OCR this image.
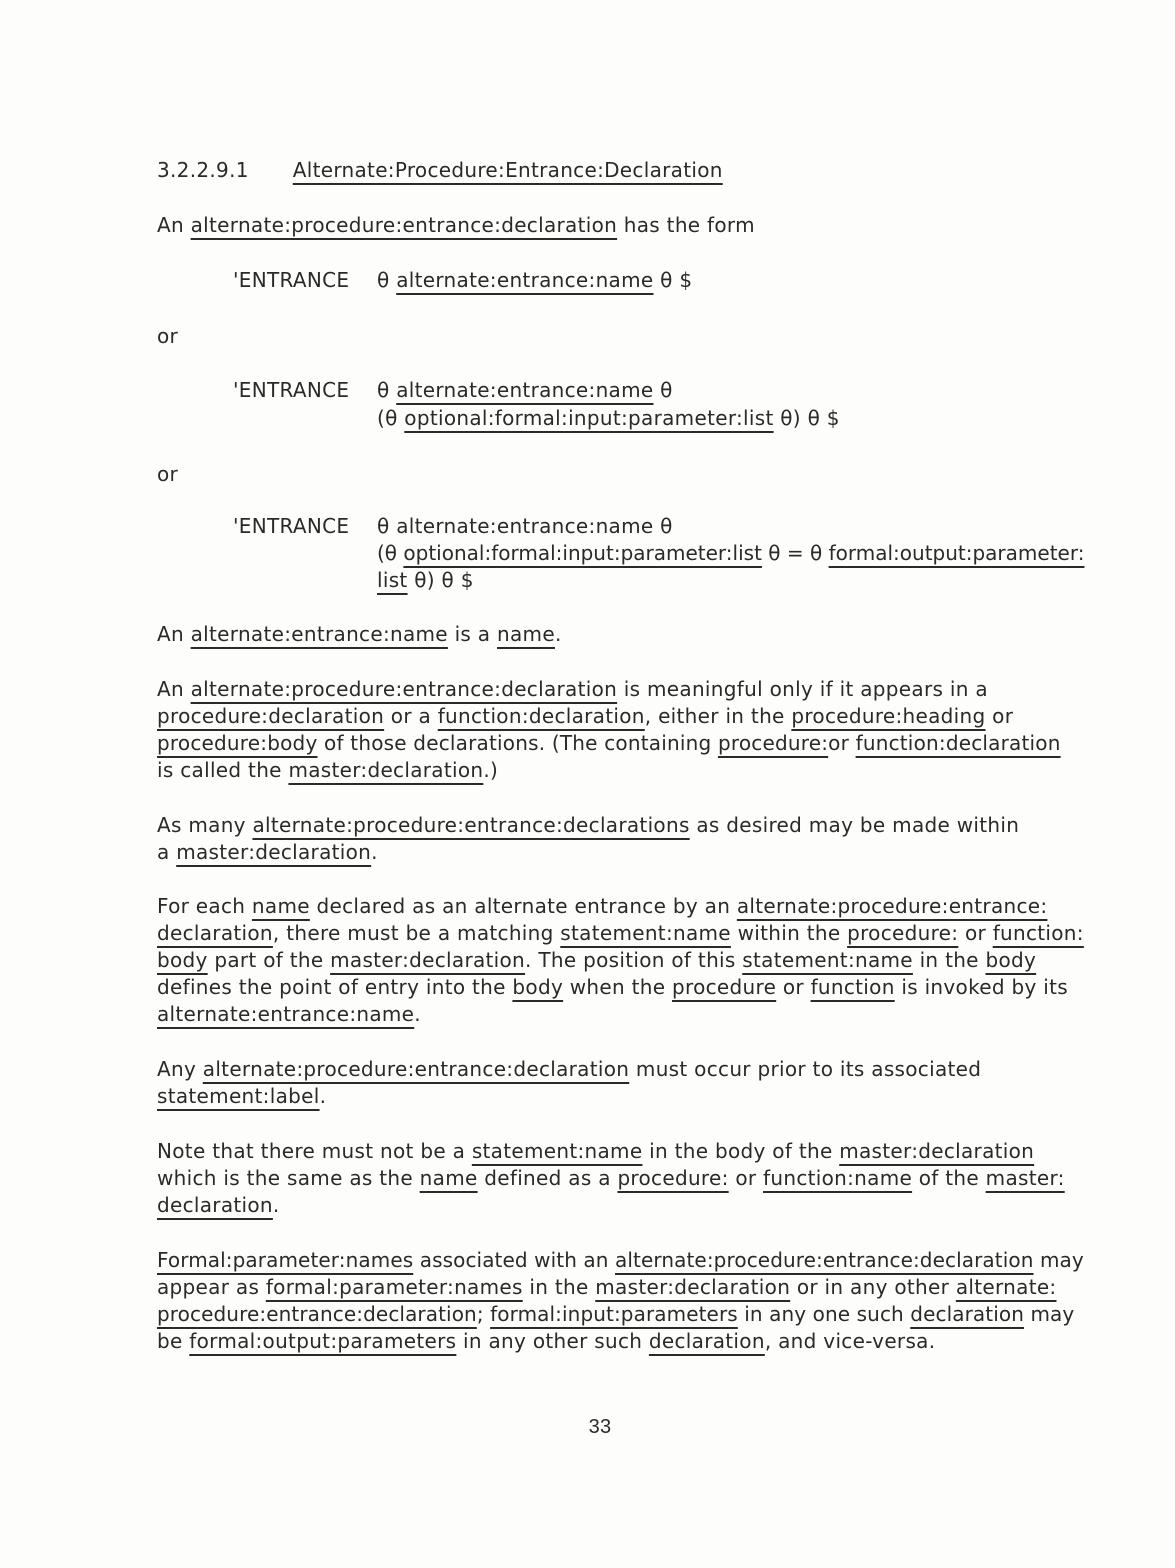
3.2.2.9.1 Alternate:Procedure:Entrance:Declaration
An alternate:procedure:entrance:declaration has the form
'ENTRANCE θ alternate:entrance:name θ $
or
'ENTRANCE θ alternate:entrance:name θ
(θ optional:formal:input:parameter:list θ) θ $
or
'ENTRANCE θ alternate:entrance:name θ
(θ optional:formal:input:parameter:list θ = θ formal:output:parameter:
list θ) θ $
An alternate:entrance:name is a name.
An alternate:procedure:entrance:declaration is meaningful only if it appears in a
procedure:declaration or a function:declaration, either in the procedure:heading or
procedure:body of those declarations. (The containing procedure:or function:declaration
is called the master:declaration.)
As many alternate:procedure:entrance:declarations as desired may be made within
a master:declaration.
For each name declared as an alternate entrance by an alternate:procedure:entrance:
declaration, there must be a matching statement:name within the procedure: or function:
body part of the master:declaration. The position of this statement:name in the body
defines the point of entry into the body when the procedure or function is invoked by its
alternate:entrance:name.
Any alternate:procedure:entrance:declaration must occur prior to its associated
statement:label.
Note that there must not be a statement:name in the body of the master:declaration
which is the same as the name defined as a procedure: or function:name of the master:
declaration.
Formal:parameter:names associated with an alternate:procedure:entrance:declaration may
appear as formal:parameter:names in the master:declaration or in any other alternate:
procedure:entrance:declaration; formal:input:parameters in any one such declaration may
be formal:output:parameters in any other such declaration, and vice-versa.
33
